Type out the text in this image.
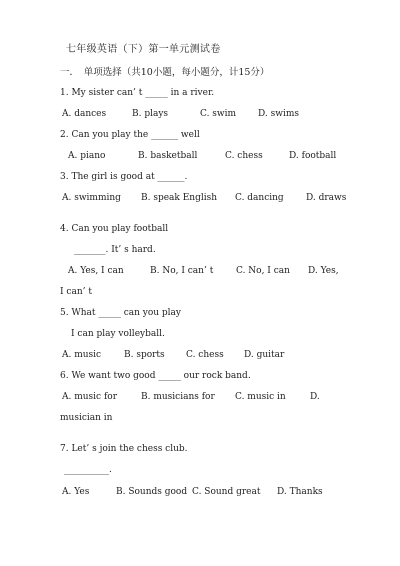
七年级英语（下）第一单元测试卷
一．　单项选择（共10小题，每小题分，计15分）
1. My sister can’ t _____ in a river.
A. dances	B. plays	C. swim D. swims
2. Can you play the ______ well
A. piano	B. basketball	C. chess	D. football
3. The girl is good at ______.
A. swimming B. speak English C. dancing D. draws
4. Can you play football
_______. It’ s hard.
A. Yes, I can	B. No, I can’ t	C. No, I can D. Yes,
I can’ t
5. What _____ can you play
I can play volleyball.
A. music	B. sports C. chess D. guitar
6. We want two good _____ our rock band.
A. music for	B. musicians for C. music in	D.
musician in
7. Let’ s join the chess club.
__________.
A. Yes	B. Sounds good C. Sound great D. Thanks
